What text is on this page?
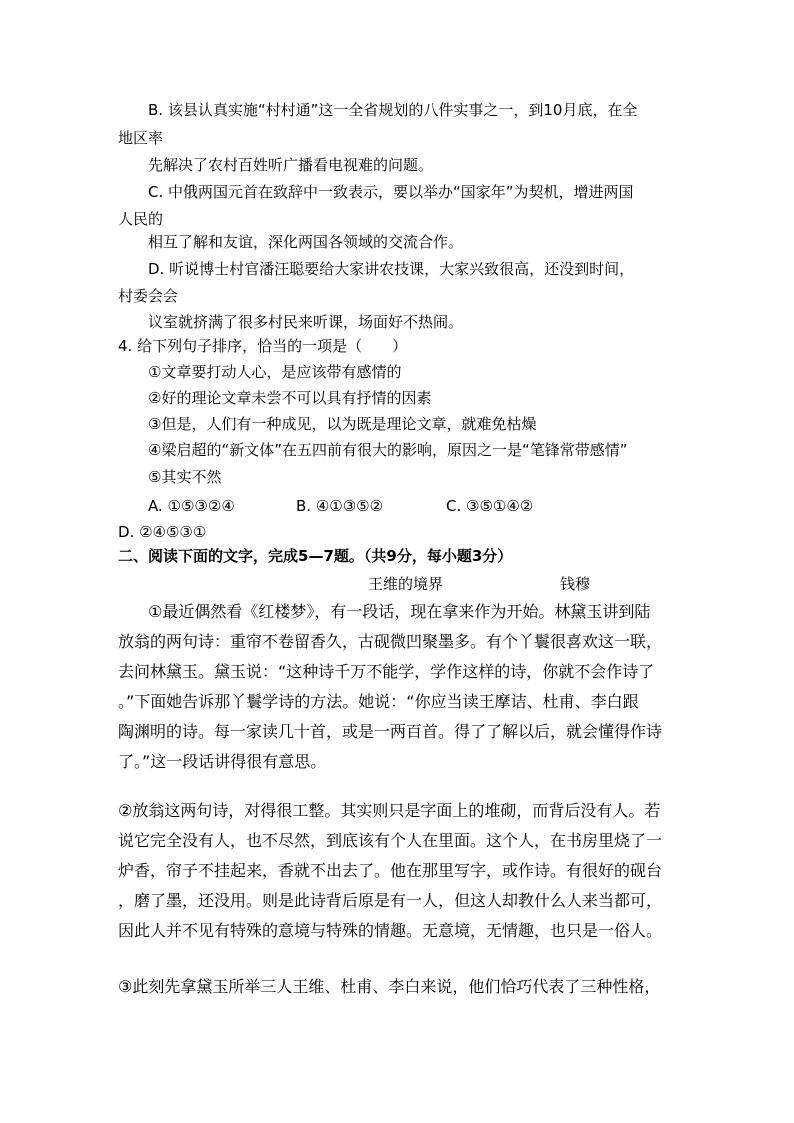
B. 该县认真实施“村村通”这一全省规划的八件实事之一，到10月底，在全
地区率
先解决了农村百姓听广播看电视难的问题。
C. 中俄两国元首在致辞中一致表示，要以举办“国家年”为契机，增进两国
人民的
相互了解和友谊，深化两国各领域的交流合作。
D. 听说博士村官潘汪聪要给大家讲农技课，大家兴致很高，还没到时间，
村委会会
议室就挤满了很多村民来听课，场面好不热闹。
4. 给下列句子排序，恰当的一项是（　　）
①文章要打动人心，是应该带有感情的
②好的理论文章未尝不可以具有抒情的因素
③但是，人们有一种成见，以为既是理论文章，就难免枯燥
④梁启超的“新文体”在五四前有很大的影响，原因之一是“笔锋常带感情”
⑤其实不然
A. ①⑤③②④	B. ④①③⑤②	C. ③⑤①④②
D. ②④⑤③①
二、阅读下面的文字，完成5—7题。（共9分，每小题3分）
王维的境界	钱穆
①最近偶然看《红楼梦》，有一段话，现在拿来作为开始。林黛玉讲到陆
放翁的两句诗：重帘不卷留香久，古砚微凹聚墨多。有个丫鬟很喜欢这一联，
去问林黛玉。黛玉说：“这种诗千万不能学，学作这样的诗，你就不会作诗了
。”下面她告诉那丫鬟学诗的方法。她说：“你应当读王摩诘、杜甫、李白跟
陶渊明的诗。每一家读几十首，或是一两百首。得了了解以后，就会懂得作诗
了。”这一段话讲得很有意思。
②放翁这两句诗，对得很工整。其实则只是字面上的堆砌，而背后没有人。若
说它完全没有人，也不尽然，到底该有个人在里面。这个人，在书房里烧了一
炉香，帘子不挂起来，香就不出去了。他在那里写字，或作诗。有很好的砚台
，磨了墨，还没用。则是此诗背后原是有一人，但这人却教什么人来当都可，
因此人并不见有特殊的意境与特殊的情趣。无意境，无情趣，也只是一俗人。
③此刻先拿黛玉所举三人王维、杜甫、李白来说，他们恰巧代表了三种性格，
